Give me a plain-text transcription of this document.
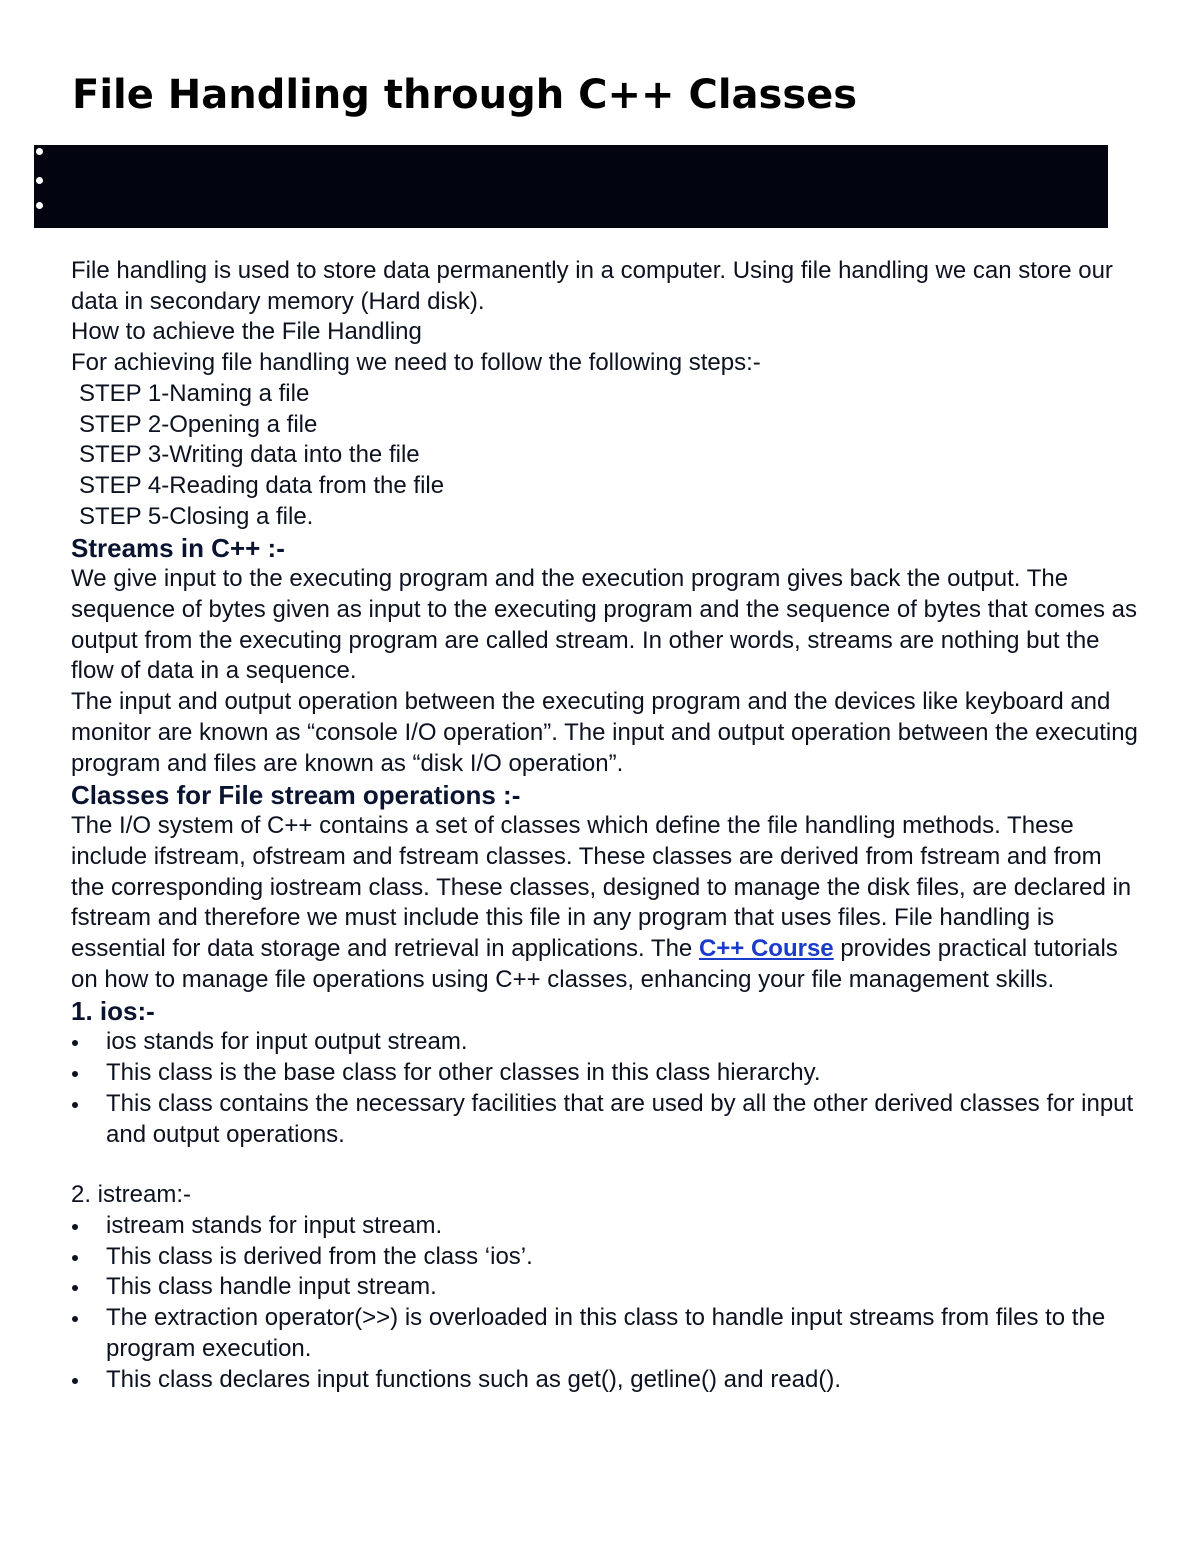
File Handling through C++ Classes

File handling is used to store data permanently in a computer. Using file handling we can store our data in secondary memory (Hard disk).

How to achieve the File Handling

For achieving file handling we need to follow the following steps:-

STEP 1-Naming a file

STEP 2-Opening a file

STEP 3-Writing data into the file

STEP 4-Reading data from the file

STEP 5-Closing a file.

Streams in C++ :-

We give input to the executing program and the execution program gives back the output. The sequence of bytes given as input to the executing program and the sequence of bytes that comes as output from the executing program are called stream. In other words, streams are nothing but the flow of data in a sequence.

The input and output operation between the executing program and the devices like keyboard and monitor are known as “console I/O operation”. The input and output operation between the executing program and files are known as “disk I/O operation”.

Classes for File stream operations :-

The I/O system of C++ contains a set of classes which define the file handling methods. These include ifstream, ofstream and fstream classes. These classes are derived from fstream and from the corresponding iostream class. These classes, designed to manage the disk files, are declared in fstream and therefore we must include this file in any program that uses files. File handling is essential for data storage and retrieval in applications. The C++ Course provides practical tutorials on how to manage file operations using C++ classes, enhancing your file management skills.

1. ios:-
ios stands for input output stream.
This class is the base class for other classes in this class hierarchy.
This class contains the necessary facilities that are used by all the other derived classes for input and output operations.

2. istream:-

istream stands for input stream.
This class is derived from the class ‘ios’.
This class handle input stream.
The extraction operator(>>) is overloaded in this class to handle input streams from files to the program execution.
This class declares input functions such as get(), getline() and read().
